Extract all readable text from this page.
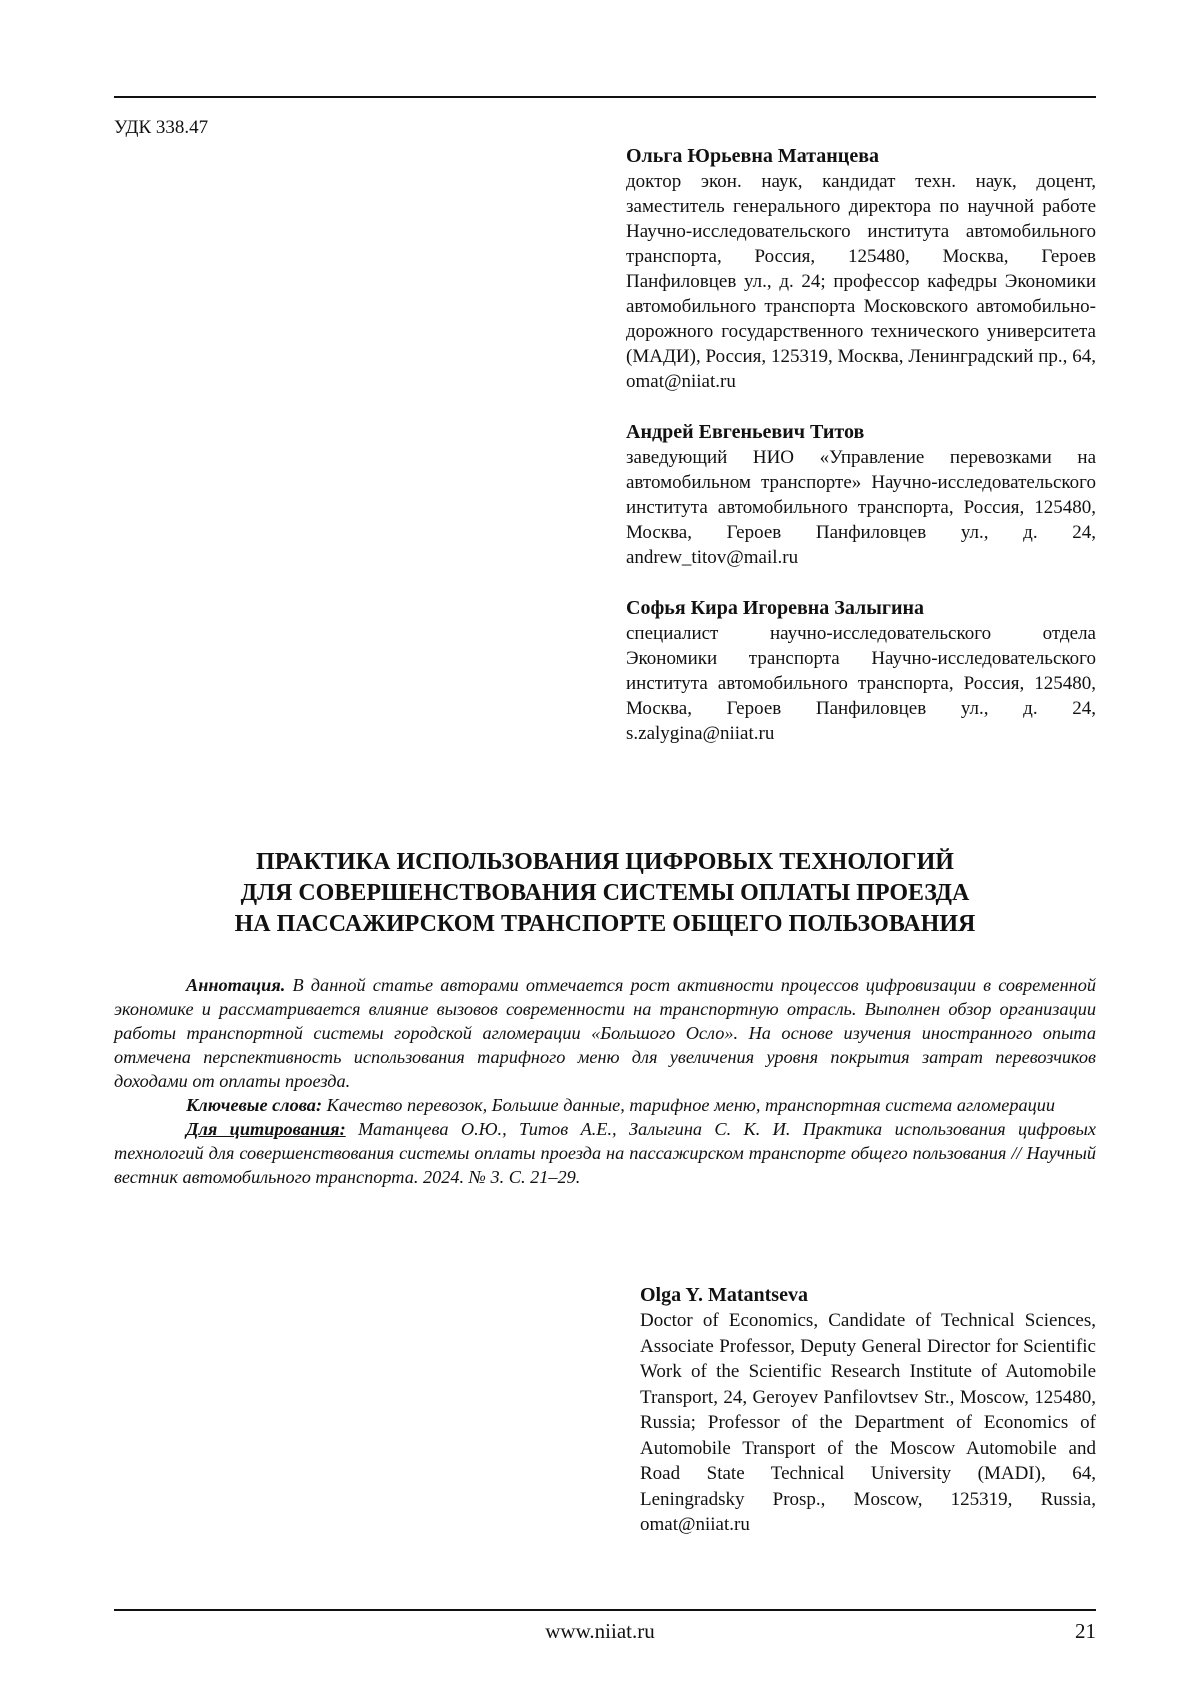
УДК 338.47
Ольга Юрьевна Матанцева
доктор экон. наук, кандидат техн. наук, доцент, заместитель генерального директора по научной работе Научно-исследовательского института автомобильного транспорта, Россия, 125480, Москва, Героев Панфиловцев ул., д. 24; профессор кафедры Экономики автомобильного транспорта Московского автомобильно-дорожного государственного технического университета (МАДИ), Россия, 125319, Москва, Ленинградский пр., 64, omat@niiat.ru
Андрей Евгеньевич Титов
заведующий НИО «Управление перевозками на автомобильном транспорте» Научно-исследовательского института автомобильного транспорта, Россия, 125480, Москва, Героев Панфиловцев ул., д. 24, andrew_titov@mail.ru
Софья Кира Игоревна Залыгина
специалист научно-исследовательского отдела Экономики транспорта Научно-исследовательского института автомобильного транспорта, Россия, 125480, Москва, Героев Панфиловцев ул., д. 24, s.zalygina@niiat.ru
ПРАКТИКА ИСПОЛЬЗОВАНИЯ ЦИФРОВЫХ ТЕХНОЛОГИЙ
ДЛЯ СОВЕРШЕНСТВОВАНИЯ СИСТЕМЫ ОПЛАТЫ ПРОЕЗДА
НА ПАССАЖИРСКОМ ТРАНСПОРТЕ ОБЩЕГО ПОЛЬЗОВАНИЯ

Аннотация. В данной статье авторами отмечается рост активности процессов цифровизации в современной экономике и рассматривается влияние вызовов современности на транспортную отрасль. Выполнен обзор организации работы транспортной системы городской агломерации «Большого Осло». На основе изучения иностранного опыта отмечена перспективность использования тарифного меню для увеличения уровня покрытия затрат перевозчиков доходами от оплаты проезда.

Ключевые слова: Качество перевозок, Большие данные, тарифное меню, транспортная система агломерации

Для цитирования: Матанцева О.Ю., Титов А.Е., Залыгина С. К. И. Практика использования цифровых технологий для совершенствования системы оплаты проезда на пассажирском транспорте общего пользования // Научный вестник автомобильного транспорта. 2024. № 3. С. 21–29.

Olga Y. Matantseva
Doctor of Economics, Candidate of Technical Sciences, Associate Professor, Deputy General Director for Scientific Work of the Scientific Research Institute of Automobile Transport, 24, Geroyev Panfilovtsev Str., Moscow, 125480, Russia; Professor of the Department of Economics of Automobile Transport of the Moscow Automobile and Road State Technical University (MADI), 64, Leningradsky Prosp., Moscow, 125319, Russia, omat@niiat.ru
www.niiat.ru	21
